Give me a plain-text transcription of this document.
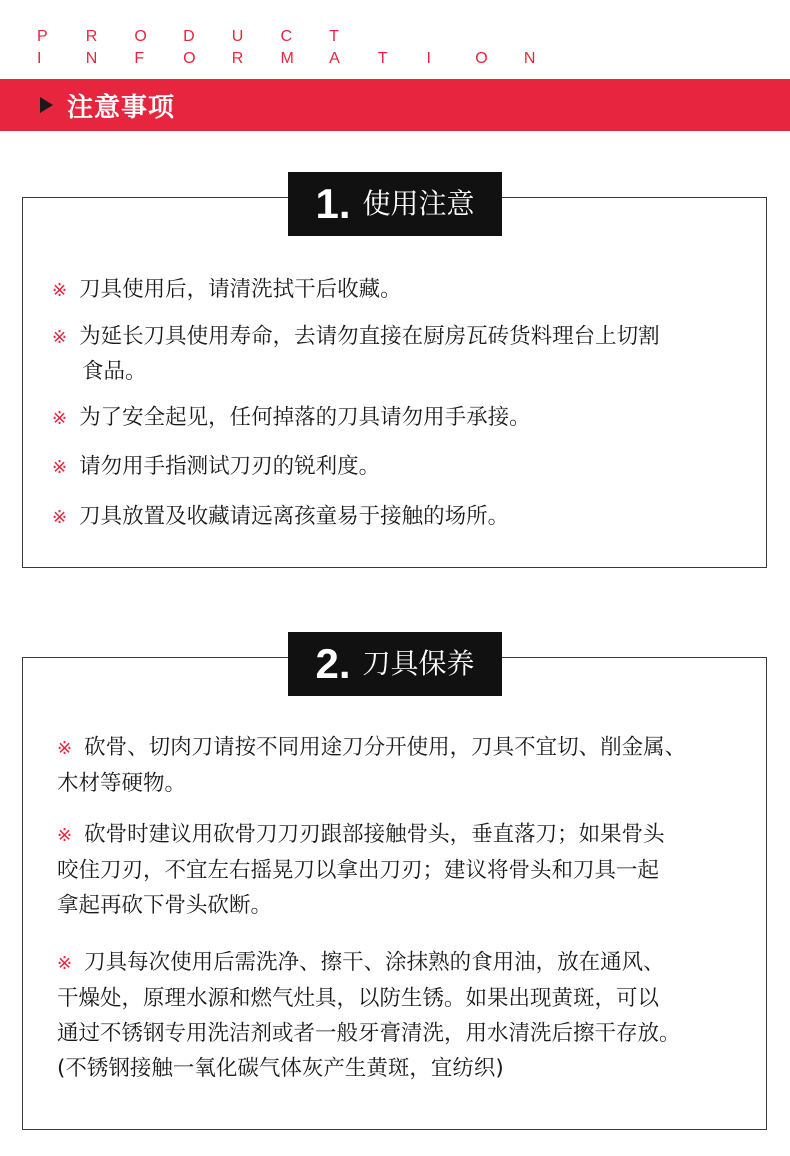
P	R	O	D	U	C	T
I	N	F	O	R	M	A	T	I	O	N
注意事项
1 . 使用注意
※ 刀具使用后，请清洗拭干后收藏。
※ 为延长刀具使用寿命，去请勿直接在厨房瓦砖货料理台上切割
食品。
※ 为了安全起见，任何掉落的刀具请勿用手承接。
※ 请勿用手指测试刀刃的锐利度。
※ 刀具放置及收藏请远离孩童易于接触的场所。
2 . 刀具保养
※ 砍骨、切肉刀请按不同用途刀分开使用，刀具不宜切、削金属、
木材等硬物。
※ 砍骨时建议用砍骨刀刀刃跟部接触骨头，垂直落刀；如果骨头
咬住刀刃，不宜左右摇晃刀以拿出刀刃；建议将骨头和刀具一起
拿起再砍下骨头砍断。
※ 刀具每次使用后需洗净、擦干、涂抹熟的食用油，放在通风、
干燥处，原理水源和燃气灶具，以防生锈。如果出现黄斑，可以
通过不锈钢专用洗洁剂或者一般牙膏清洗，用水清洗后擦干存放。
(不锈钢接触一氧化碳气体灰产生黄斑，宜纺织)
